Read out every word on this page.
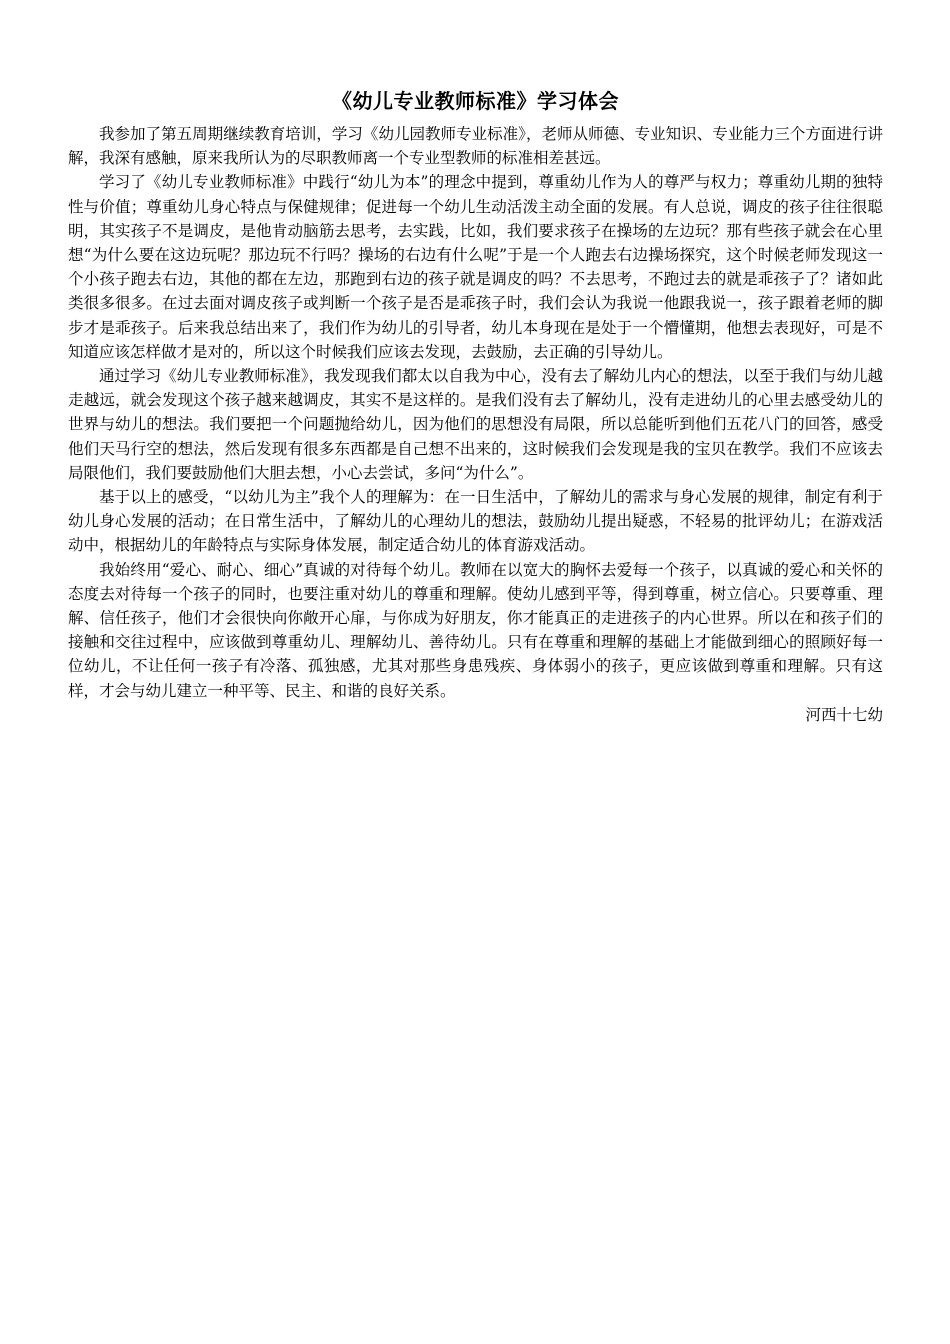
《幼儿专业教师标准》学习体会

我参加了第五周期继续教育培训，学习《幼儿园教师专业标准》，老师从师德、专业知识、专业能力三个方面进行讲解，我深有感触，原来我所认为的尽职教师离一个专业型教师的标准相差甚远。

学习了《幼儿专业教师标准》中践行“幼儿为本”的理念中提到，尊重幼儿作为人的尊严与权力；尊重幼儿期的独特性与价值；尊重幼儿身心特点与保健规律；促进每一个幼儿生动活泼主动全面的发展。有人总说，调皮的孩子往往很聪明，其实孩子不是调皮，是他肯动脑筋去思考，去实践，比如，我们要求孩子在操场的左边玩？那有些孩子就会在心里想“为什么要在这边玩呢？那边玩不行吗？操场的右边有什么呢”于是一个人跑去右边操场探究，这个时候老师发现这一个小孩子跑去右边，其他的都在左边，那跑到右边的孩子就是调皮的吗？不去思考，不跑过去的就是乖孩子了？诸如此类很多很多。在过去面对调皮孩子或判断一个孩子是否是乖孩子时，我们会认为我说一他跟我说一，孩子跟着老师的脚步才是乖孩子。后来我总结出来了，我们作为幼儿的引导者，幼儿本身现在是处于一个懵懂期，他想去表现好，可是不知道应该怎样做才是对的，所以这个时候我们应该去发现，去鼓励，去正确的引导幼儿。

通过学习《幼儿专业教师标准》，我发现我们都太以自我为中心，没有去了解幼儿内心的想法，以至于我们与幼儿越走越远，就会发现这个孩子越来越调皮，其实不是这样的。是我们没有去了解幼儿，没有走进幼儿的心里去感受幼儿的世界与幼儿的想法。我们要把一个问题抛给幼儿，因为他们的思想没有局限，所以总能听到他们五花八门的回答，感受他们天马行空的想法，然后发现有很多东西都是自己想不出来的，这时候我们会发现是我的宝贝在教学。我们不应该去局限他们，我们要鼓励他们大胆去想，小心去尝试，多问“为什么”。

基于以上的感受，“以幼儿为主”我个人的理解为：在一日生活中，了解幼儿的需求与身心发展的规律，制定有利于幼儿身心发展的活动；在日常生活中，了解幼儿的心理幼儿的想法，鼓励幼儿提出疑惑，不轻易的批评幼儿；在游戏活动中，根据幼儿的年龄特点与实际身体发展，制定适合幼儿的体育游戏活动。

我始终用“爱心、耐心、细心”真诚的对待每个幼儿。教师在以宽大的胸怀去爱每一个孩子，以真诚的爱心和关怀的态度去对待每一个孩子的同时，也要注重对幼儿的尊重和理解。使幼儿感到平等，得到尊重，树立信心。只要尊重、理解、信任孩子，他们才会很快向你敞开心扉，与你成为好朋友，你才能真正的走进孩子的内心世界。所以在和孩子们的接触和交往过程中，应该做到尊重幼儿、理解幼儿、善待幼儿。只有在尊重和理解的基础上才能做到细心的照顾好每一位幼儿，不让任何一孩子有冷落、孤独感，尤其对那些身患残疾、身体弱小的孩子，更应该做到尊重和理解。只有这样，才会与幼儿建立一种平等、民主、和谐的良好关系。

河西十七幼
